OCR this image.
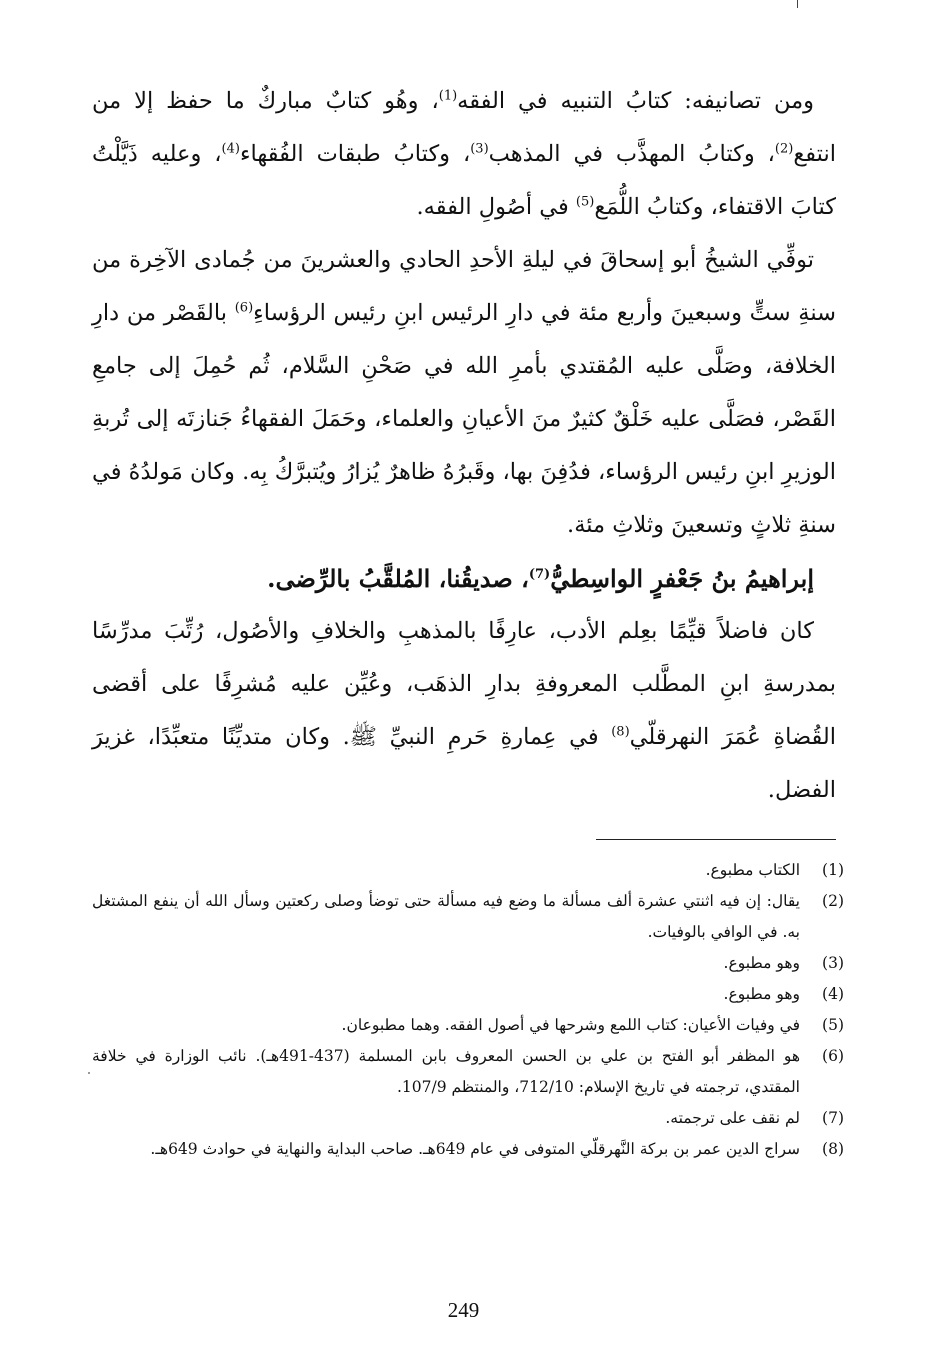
ومن تصانيفه: كتابُ التنبيه في الفقه$^{(1)}$، وهُو كتابٌ مباركٌ ما حفظ إلا من انتفع$^{(2)}$، وكتابُ المهذَّب في المذهب$^{(3)}$، وكتابُ طبقات الفُقهاء$^{(4)}$، وعليه ذَيَّلْتُ كتابَ الاقتفاء، وكتابُ اللُّمَع$^{(5)}$ في أصُولِ الفقه.

توفِّي الشيخُ أبو إسحاقَ في ليلةِ الأحدِ الحادي والعشرينَ من جُمادى الآخِرة من سنةِ ستٍّ وسبعينَ وأربع مئة في دارِ الرئيس ابنِ رئيس الرؤساءِ$^{(6)}$ بالقَصْر من دارِ الخلافة، وصَلَّى عليه المُقتدي بأمرِ الله في صَحْنِ السَّلام، ثُم حُمِلَ إلى جامعِ القَصْر، فصَلَّى عليه خَلْقٌ كثيرٌ منَ الأعيانِ والعلماء، وحَمَلَ الفقهاءُ جَنازتَه إلى تُربةِ الوزيرِ ابنِ رئيس الرؤساء، فدُفِنَ بها، وقَبرُهُ ظاهرٌ يُزارُ ويُتبرَّكُ بِه. وكان مَولدُهُ في سنةِ ثلاثٍ وتسعينَ وثلاثِ مئة.

إبراهيمُ بنُ جَعْفرٍ الواسِطيُّ$^{(7)}$، صديقُنا، المُلقَّبُ بالرِّضى.

كان فاضلاً قيِّمًا بعِلم الأدب، عارِفًا بالمذهبِ والخلافِ والأصُول، رُتِّبَ مدرِّسًا بمدرسةِ ابنِ المطَّلب المعروفةِ بدارِ الذهَب، وعُيِّن عليه مُشرِفًا على أقضى القُضاةِ عُمَرَ النهرقلّي$^{(8)}$ في عِمارةِ حَرمِ النبيِّ ﷺ. وكان متديِّنًا متعبِّدًا، غزيرَ الفضل.

(1)
الكتاب مطبوع.
(2)
يقال: إن فيه اثنتي عشرة ألف مسألة ما وضع فيه مسألة حتى توضأ وصلى ركعتين وسأل الله أن ينفع المشتغل به. في الوافي بالوفيات.
(3)
وهو مطبوع.
(4)
وهو مطبوع.
(5)
في وفيات الأعيان: كتاب اللمع وشرحها في أصول الفقه. وهما مطبوعان.
(6)
هو المظفر أبو الفتح بن علي بن الحسن المعروف بابن المسلمة (437-491هـ). نائب الوزارة في خلافة المقتدي، ترجمته في تاريخ الإسلام: 712/10، والمنتظم 107/9.
(7)
لم نقف على ترجمته.
(8)
سراج الدين عمر بن بركة النَّهرقلّي المتوفى في عام 649هـ. صاحب البداية والنهاية في حوادث 649هـ.
249
